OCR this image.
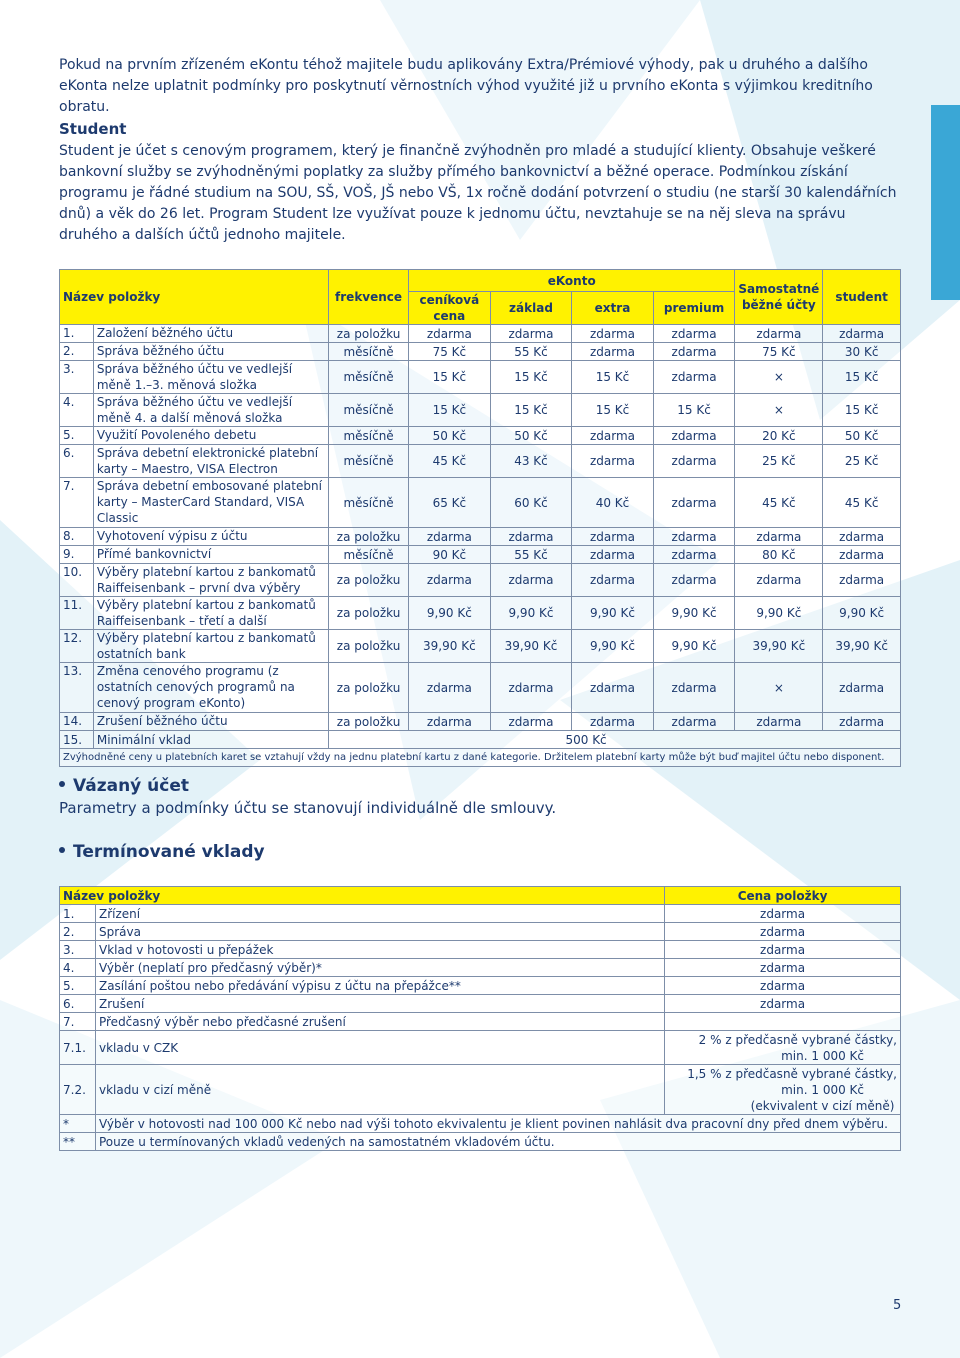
Pokud na prvním zřízeném eKontu téhož majitele budu aplikovány Extra/Prémiové výhody, pak u druhého a dalšího eKonta nelze uplatnit podmínky pro poskytnutí věrnostních výhod využité již u prvního eKonta s výjimkou kreditního obratu.

Student

Student je účet s cenovým programem, který je finančně zvýhodněn pro mladé a studující klienty. Obsahuje veškeré bankovní služby se zvýhodněnými poplatky za služby přímého bankovnictví a běžné operace. Podmínkou získání programu je řádné studium na SOU, SŠ, VOŠ, JŠ nebo VŠ, 1x ročně dodání potvrzení o studiu (ne starší 30 kalendářních dnů) a věk do 26 let. Program Student lze využívat pouze k jednomu účtu, nevztahuje se na něj sleva na správu druhého a dalších účtů jednoho majitele.

Název položky		frekvence	eKonto				Samostatné běžné účty	student
			ceníková cena	základ	extra	premium		
1.	Založení běžného účtu	za položku	zdarma	zdarma	zdarma	zdarma	zdarma	zdarma
2.	Správa běžného účtu	měsíčně	75 Kč	55 Kč	zdarma	zdarma	75 Kč	30 Kč
3.	Správa běžného účtu ve vedlejší měně 1.–3. měnová složka	měsíčně	15 Kč	15 Kč	15 Kč	zdarma	×	15 Kč
4.	Správa běžného účtu ve vedlejší měně 4. a další měnová složka	měsíčně	15 Kč	15 Kč	15 Kč	15 Kč	×	15 Kč
5.	Využití Povoleného debetu	měsíčně	50 Kč	50 Kč	zdarma	zdarma	20 Kč	50 Kč
6.	Správa debetní elektronické platební karty – Maestro, VISA Electron	měsíčně	45 Kč	43 Kč	zdarma	zdarma	25 Kč	25 Kč
7.	Správa debetní embosované platební karty – MasterCard Standard, VISA Classic	měsíčně	65 Kč	60 Kč	40 Kč	zdarma	45 Kč	45 Kč
8.	Vyhotovení výpisu z účtu	za položku	zdarma	zdarma	zdarma	zdarma	zdarma	zdarma
9.	Přímé bankovnictví	měsíčně	90 Kč	55 Kč	zdarma	zdarma	80 Kč	zdarma
10.	Výběry platební kartou z bankomatů Raiffeisenbank – první dva výběry	za položku	zdarma	zdarma	zdarma	zdarma	zdarma	zdarma
11.	Výběry platební kartou z bankomatů Raiffeisenbank – třetí a další	za položku	9,90 Kč	9,90 Kč	9,90 Kč	9,90 Kč	9,90 Kč	9,90 Kč
12.	Výběry platební kartou z bankomatů ostatních bank	za položku	39,90 Kč	39,90 Kč	9,90 Kč	9,90 Kč	39,90 Kč	39,90 Kč
13.	Změna cenového programu (z ostatních cenových programů na cenový program eKonto)	za položku	zdarma	zdarma	zdarma	zdarma	×	zdarma
14.	Zrušení běžného účtu	za položku	zdarma	zdarma	zdarma	zdarma	zdarma	zdarma
15.	Minimální vklad	500 Kč						
Zvýhodněné ceny u platebních karet se vztahují vždy na jednu platební kartu z dané kategorie. Držitelem platební karty může být buď majitel účtu nebo disponent.								

Vázaný účet

Parametry a podmínky účtu se stanovují individuálně dle smlouvy.

Termínované vklady

Název položky		Cena položky
1.	Zřízení	zdarma
2.	Správa	zdarma
3.	Vklad v hotovosti u přepážek	zdarma
4.	Výběr (neplatí pro předčasný výběr)*	zdarma
5.	Zasílání poštou nebo předávání výpisu z účtu na přepážce**	zdarma
6.	Zrušení	zdarma
7.	Předčasný výběr nebo předčasné zrušení	
7.1.	vkladu v CZK	2 % z předčasně vybrané částky,
min. 1 000 Kč

7.2.	vkladu v cizí měně	1,5 % z předčasně vybrané částky,
min. 1 000 Kč
(ekvivalent v cizí měně)

*	Výběr v hotovosti nad 100 000 Kč nebo nad výši tohoto ekvivalentu je klient povinen nahlásit dva pracovní dny před dnem výběru.	
**	Pouze u termínovaných vkladů vedených na samostatném vkladovém účtu.	
5
